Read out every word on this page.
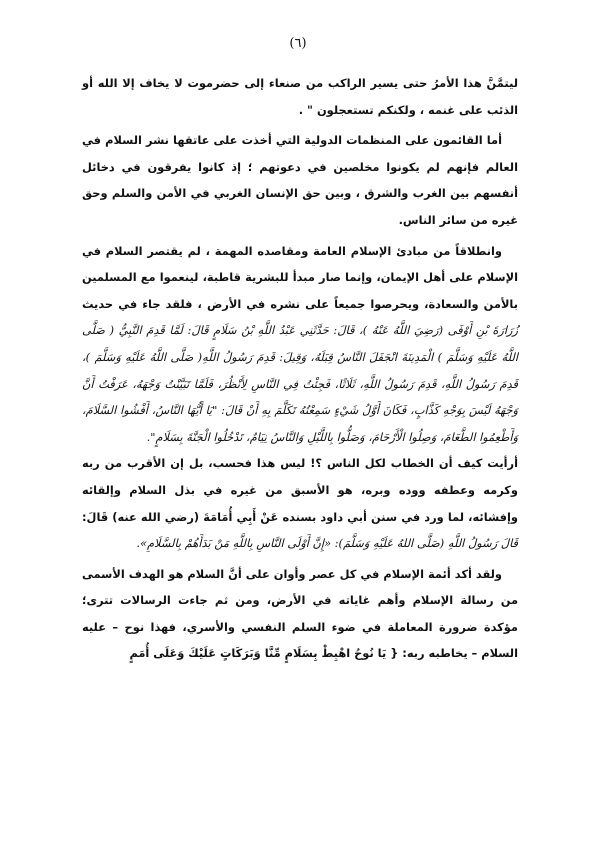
(٦)

ليتمَّنَّ هذا الأمرُ حتى يسير الراكب من صنعاء إلى حضرموت لا يخاف إلا الله أو الذئب على غنمه ، ولكنكم تستعجلون " .

أما القائمون على المنظمات الدولية التي أخذت على عاتقها نشر السلام في العالم فإنهم لم يكونوا مخلصين في دعوتهم ؛ إذ كانوا يفرقون في دخائل أنفسهم بين الغرب والشرق ، وبين حق الإنسان الغربي في الأمن والسلم وحق غيره من سائر الناس.

وانطلاقاً من مبادئ الإسلام العامة ومقاصده المهمة ، لم يقتصر السلام في الإسلام على أهل الإيمان، وإنما صار مبدأ للبشرية قاطبة، لينعموا مع المسلمين بالأمن والسعادة، ويحرصوا جميعاً على نشره في الأرض ، فلقد جاء في حديث زُرَارَةَ بْنِ أَوْفَى (رَضِيَ اللَّهُ عَنْهُ )، قَالَ: حَدَّثَنِي عَبْدُ اللَّهِ بْنُ سَلَامٍ قَالَ: لَمَّا قَدِمَ النَّبِيُّ ( صَلَّى اللَّهُ عَلَيْهِ وَسَلَّمَ ) الْمَدِينَةَ انْجَفَلَ النَّاسُ قِبَلَهُ، وَقِيلَ: قَدِمَ رَسُولُ اللَّهِ( صَلَّى اللَّهُ عَلَيْهِ وَسَلَّمَ )، قَدِمَ رَسُولُ اللَّهِ، قَدِمَ رَسُولُ اللَّهِ، ثَلَاثًا، فَجِئْتُ فِي النَّاسِ لِأَنْظُرَ، فَلَمَّا تَبَيَّنْتُ وَجْهَهُ، عَرَفْتُ أَنَّ وَجْهَهُ لَيْسَ بِوَجْهِ كَذَّابٍ، فَكَانَ أَوَّلُ شَيْءٍ سَمِعْتُهُ تَكَلَّمَ بِهِ أَنْ قَالَ: "يَا أَيُّهَا النَّاسُ، أَفْشُوا السَّلَامَ، وَأَطْعِمُوا الطَّعَامَ، وَصِلُوا الْأَرْحَامَ، وَصَلُّوا بِاللَّيْلِ وَالنَّاسُ نِيَامٌ، تَدْخُلُوا الْجَنَّةَ بِسَلَامٍ".

أرأيت كيف أن الخطاب لكل الناس ؟! ليس هذا فحسب، بل إن الأقرب من ربه وكرمه وعطفه ووده وبره، هو الأسبق من غيره في بذل السلام وإلقائه وإفشائه، لما ورد في سنن أبي داود بسنده عَنْ أَبِي أُمَامَةَ (رضي الله عنه) قَالَ: قَالَ رَسُولُ اللَّهِ (صَلَّى اللهُ عَلَيْهِ وَسَلَّمَ): «إِنَّ أَوْلَى النَّاسِ بِاللَّهِ مَنْ بَدَأَهُمْ بِالسَّلَامِ».

ولقد أكد أئمة الإسلام في كل عصر وأوان على أنَّ السلام هو الهدف الأسمى من رسالة الإسلام وأهم غاياته في الأرض، ومن ثم جاءت الرسالات تترى؛ مؤكدة ضرورة المعاملة في ضوء السلم النفسي والأسري، فهذا نوح – عليه السلام – يخاطبه ربه: { يَا نُوحُ اهْبِطْ بِسَلَامٍ مِّنَّا وَبَرَكَاتٍ عَلَيْكَ وَعَلَى أُمَمٍ
